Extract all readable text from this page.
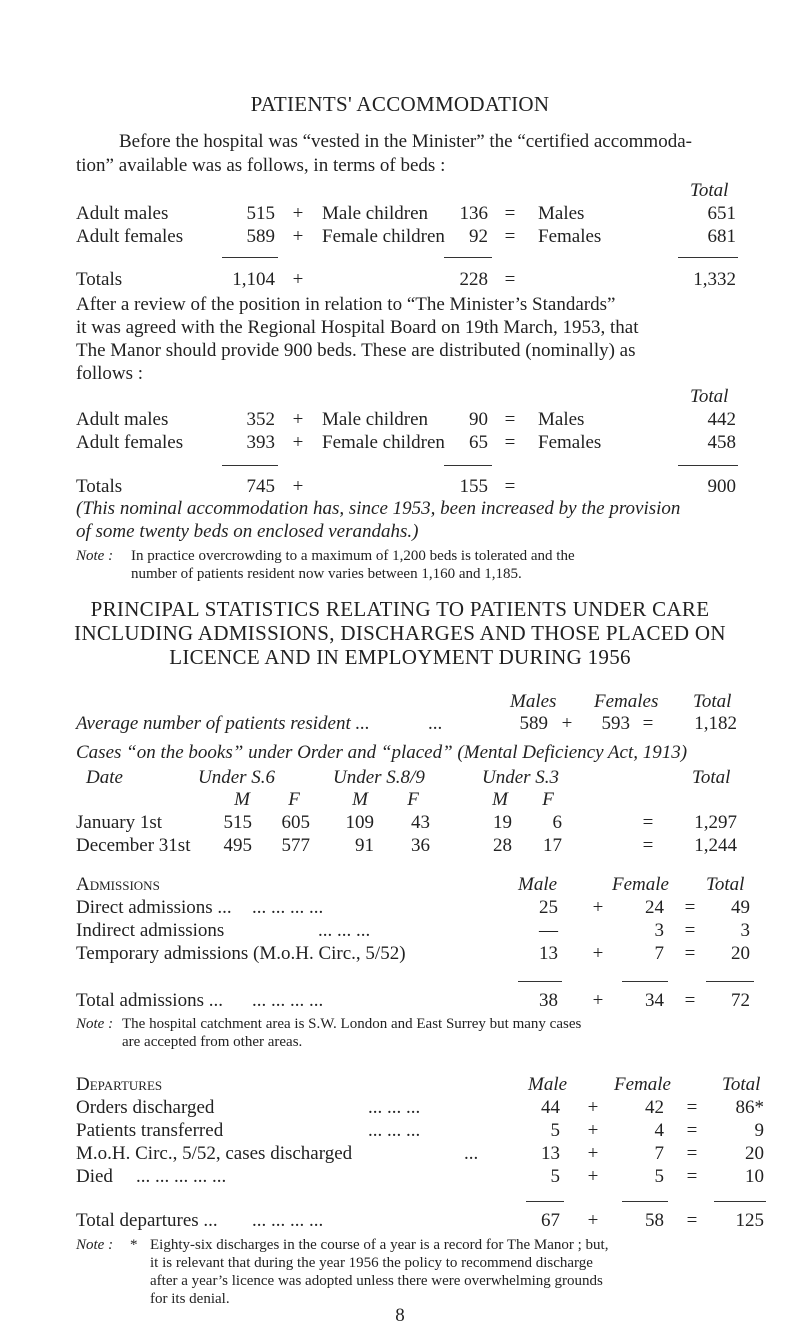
PATIENTS' ACCOMMODATION
Before the hospital was “vested in the Minister” the “certified accommoda-
tion” available was as follows, in terms of beds :
Total
Adult males	515 + Male children	136 = Males	651
Adult females	589 + Female children	92 = Females	681
Totals	1,104 +	228 =	1,332
After a review of the position in relation to “The Minister’s Standards”
it was agreed with the Regional Hospital Board on 19th March, 1953, that
The Manor should provide 900 beds. These are distributed (nominally) as
follows :
Total
Adult males	352 + Male children	90 = Males	442
Adult females	393 + Female children	65 = Females	458
Totals	745 +	155 =	900
(This nominal accommodation has, since 1953, been increased by the provision
of some twenty beds on enclosed verandahs.)
Note : In practice overcrowding to a maximum of 1,200 beds is tolerated and the
number of patients resident now varies between 1,160 and 1,185.
PRINCIPAL STATISTICS RELATING TO PATIENTS UNDER CARE
INCLUDING ADMISSIONS, DISCHARGES AND THOSE PLACED ON
LICENCE AND IN EMPLOYMENT DURING 1956
Males Females Total
Average number of patients resident ...	...	589 +	593 =	1,182
Cases “on the books” under Order and “placed” (Mental Deficiency Act, 1913)
Date	Under S.6	Under S.8/9	Under S.3	Total
M F	M F	M F
January 1st	515	605	109	43	19	6	=	1,297
December 31st	495	577	91	36	28	17	=	1,244
Admissions	Male	Female Total
Direct admissions ... ... ... ... ...	25 +	24 =	49
Indirect admissions	... ... ...	—	3 =	3
Temporary admissions (M.o.H. Circ., 5/52)	13 +	7 =	20
Total admissions ... ... ... ... ...	38 +	34 =	72
Note : The hospital catchment area is S.W. London and East Surrey but many cases
are accepted from other areas.
Departures	Male Female	Total
Orders discharged	... ... ...	44 +	42 =	86*
Patients transferred	... ... ...	5 +	4 =	9
M.o.H. Circ., 5/52, cases discharged	...	13 +	7 =	20
Died ... ... ... ... ...	5 +	5 =	10
Total departures ... ... ... ... ...	67 +	58 =	125
Note : * Eighty-six discharges in the course of a year is a record for The Manor ; but,
it is relevant that during the year 1956 the policy to recommend discharge
after a year’s licence was adopted unless there were overwhelming grounds
for its denial.
8
